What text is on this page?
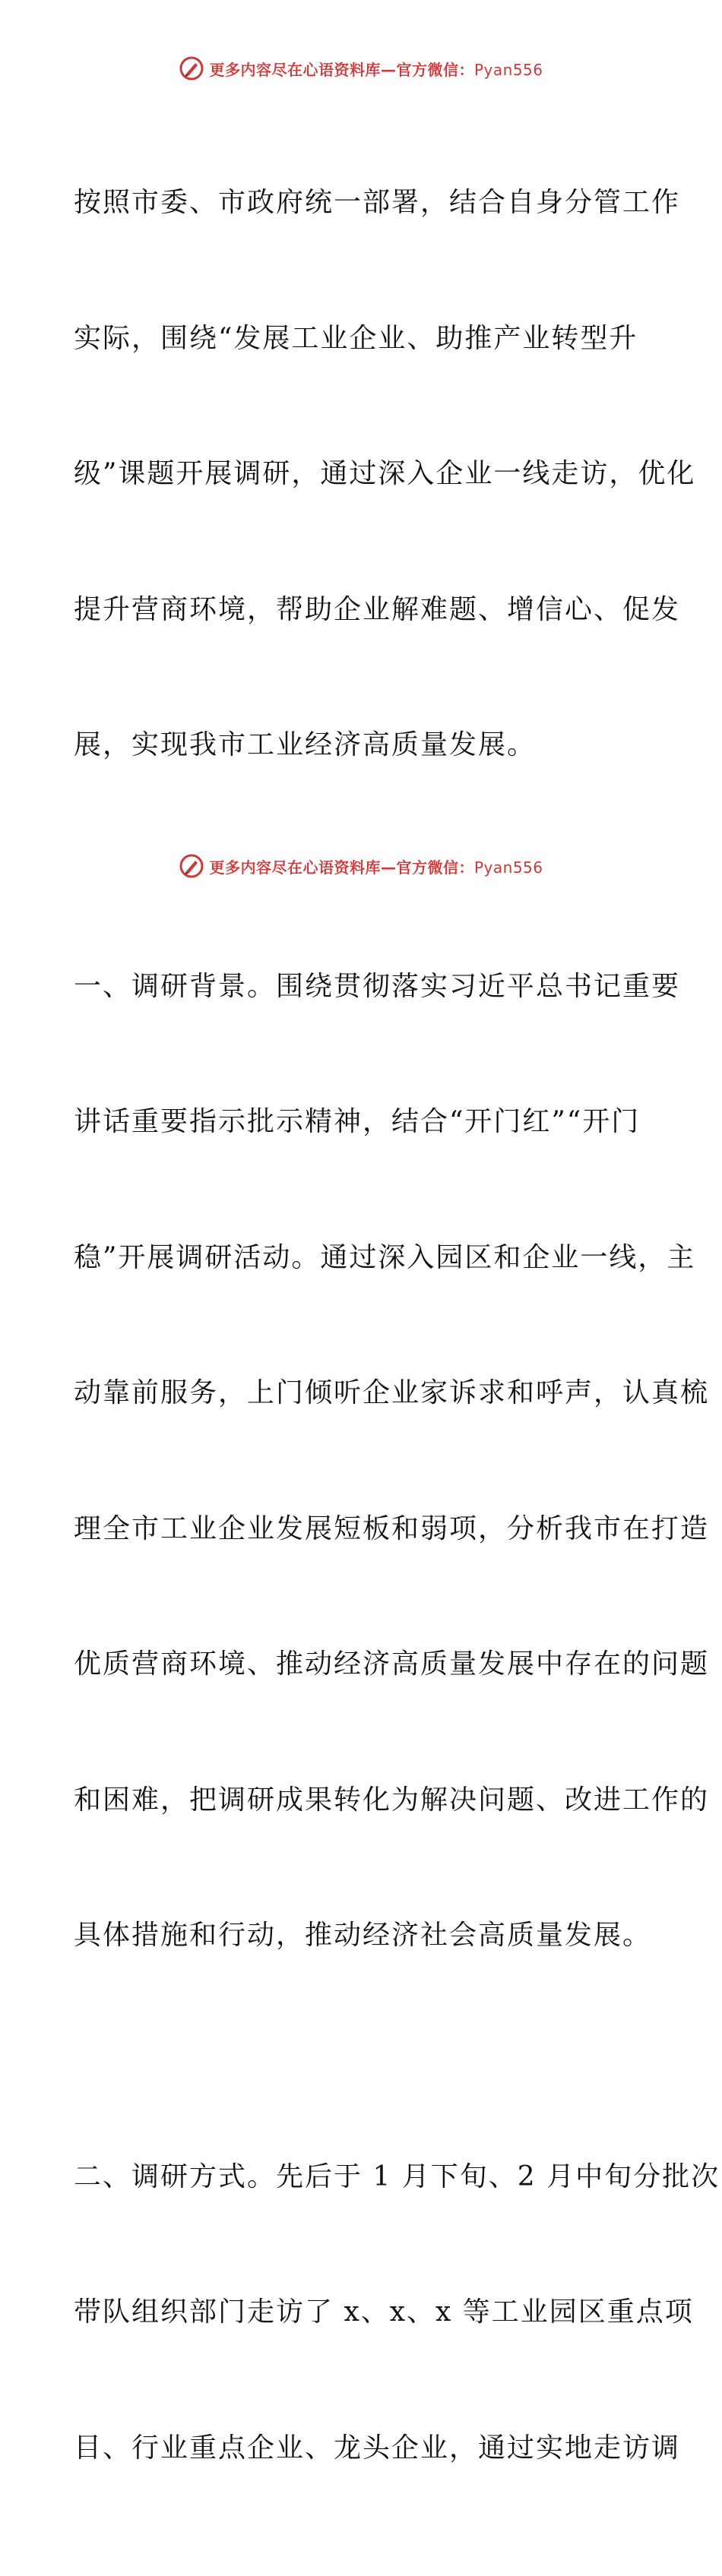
更多内容尽在心语资料库—官方微信：Pyan556

按照市委、市政府统一部署，结合自身分管工作

实际，围绕“发展工业企业、助推产业转型升

级”课题开展调研，通过深入企业一线走访，优化

提升营商环境，帮助企业解难题、增信心、促发

展，实现我市工业经济高质量发展。

一、调研背景。围绕贯彻落实习近平总书记重要

讲话重要指示批示精神，结合“开门红”“开门

稳”开展调研活动。通过深入园区和企业一线，主

动靠前服务，上门倾听企业家诉求和呼声，认真梳

理全市工业企业发展短板和弱项，分析我市在打造

优质营商环境、推动经济高质量发展中存在的问题

和困难，把调研成果转化为解决问题、改进工作的

具体措施和行动，推动经济社会高质量发展。

二、调研方式。先后于 1 月下旬、2 月中旬分批次

带队组织部门走访了 x、x、x 等工业园区重点项

目、行业重点企业、龙头企业，通过实地走访调

更多内容尽在心语资料库—官方微信：Pyan556
